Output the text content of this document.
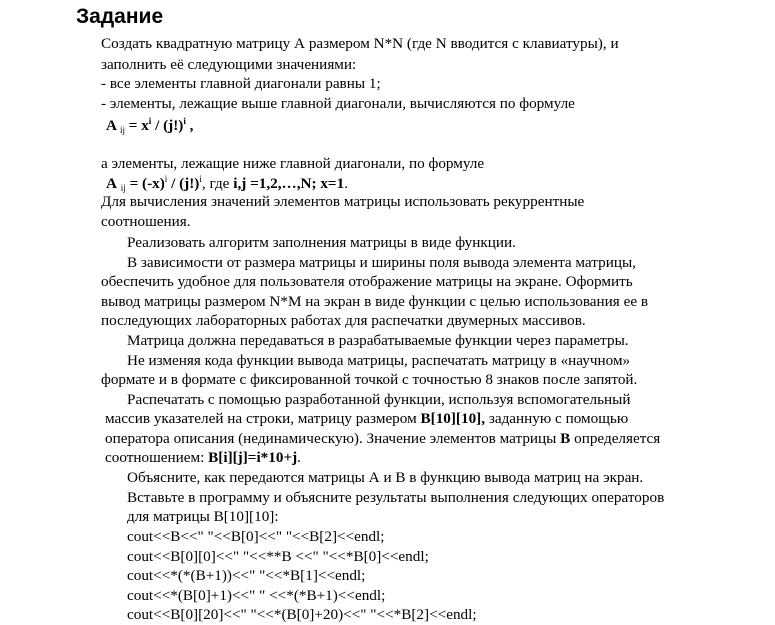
Задание
Создать квадратную матрицу А размером N*N (где N вводится с клавиатуры), и
заполнить её следующими значениями:
- все элементы главной диагонали равны 1;
- элементы, лежащие выше главной диагонали, вычисляются по формуле
A ij = $x^i / (j!)^i$ ,
а элементы, лежащие ниже главной диагонали, по формуле
A ij = $(-x)^i / (j!)^i$, где i,j =1,2,…,N; x=1.
Для вычисления значений элементов матрицы использовать рекуррентные
соотношения.
Реализовать алгоритм заполнения матрицы в виде функции.
В зависимости от размера матрицы и ширины поля вывода элемента матрицы,
обеспечить удобное для пользователя отображение матрицы на экране. Оформить
вывод матрицы размером N*M на экран в виде функции с целью использования ее в
последующих лабораторных работах для распечатки двумерных массивов.
Матрица должна передаваться в разрабатываемые функции через параметры.
Не изменяя кода функции вывода матрицы, распечатать матрицу в «научном»
формате и в формате с фиксированной точкой с точностью 8 знаков после запятой.
Распечатать с помощью разработанной функции, используя вспомогательный
массив указателей на строки, матрицу размером B[10][10], заданную с помощью
оператора описания (нединамическую). Значение элементов матрицы B определяется
соотношением: B[i][j]=i*10+j.
Объясните, как передаются матрицы А и В в функцию вывода матриц на экран.
Вставьте в программу и объясните результаты выполнения следующих операторов
для матрицы B[10][10]:
cout<<B<<" "<<B[0]<<" "<<B[2]<<endl;
cout<<B[0][0]<<" "<<**B <<" "<<*B[0]<<endl;
cout<<*(*(B+1))<<" "<<*B[1]<<endl;
cout<<*(B[0]+1)<<" " <<*(*B+1)<<endl;
cout<<B[0][20]<<" "<<*(B[0]+20)<<" "<<*B[2]<<endl;
